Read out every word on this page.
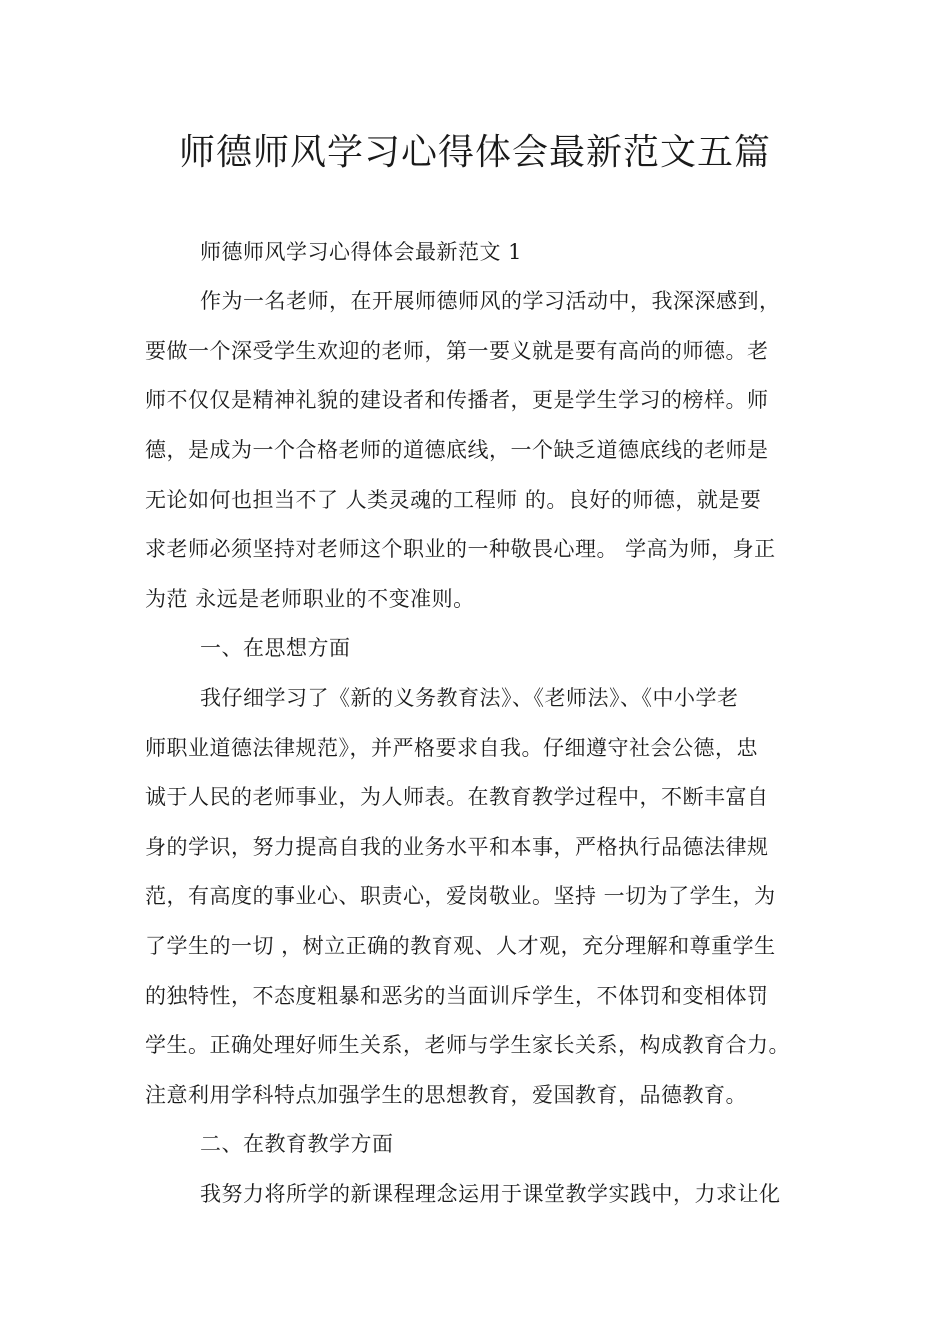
师德师风学习心得体会最新范文五篇
师德师风学习心得体会最新范文 1
作为一名老师，在开展师德师风的学习活动中，我深深感到，
要做一个深受学生欢迎的老师，第一要义就是要有高尚的师德。老
师不仅仅是精神礼貌的建设者和传播者，更是学生学习的榜样。师
德，是成为一个合格老师的道德底线，一个缺乏道德底线的老师是
无论如何也担当不了 人类灵魂的工程师 的。良好的师德，就是要
求老师必须坚持对老师这个职业的一种敬畏心理。 学高为师，身正
为范 永远是老师职业的不变准则。
一、在思想方面
我仔细学习了《新的义务教育法》、《老师法》、《中小学老
师职业道德法律规范》，并严格要求自我。仔细遵守社会公德，忠
诚于人民的老师事业，为人师表。在教育教学过程中，不断丰富自
身的学识，努力提高自我的业务水平和本事，严格执行品德法律规
范，有高度的事业心、职责心，爱岗敬业。坚持 一切为了学生，为
了学生的一切 ，树立正确的教育观、人才观，充分理解和尊重学生
的独特性，不态度粗暴和恶劣的当面训斥学生，不体罚和变相体罚
学生。正确处理好师生关系，老师与学生家长关系，构成教育合力。
注意利用学科特点加强学生的思想教育，爱国教育，品德教育。
二、在教育教学方面
我努力将所学的新课程理念运用于课堂教学实践中，力求让化
